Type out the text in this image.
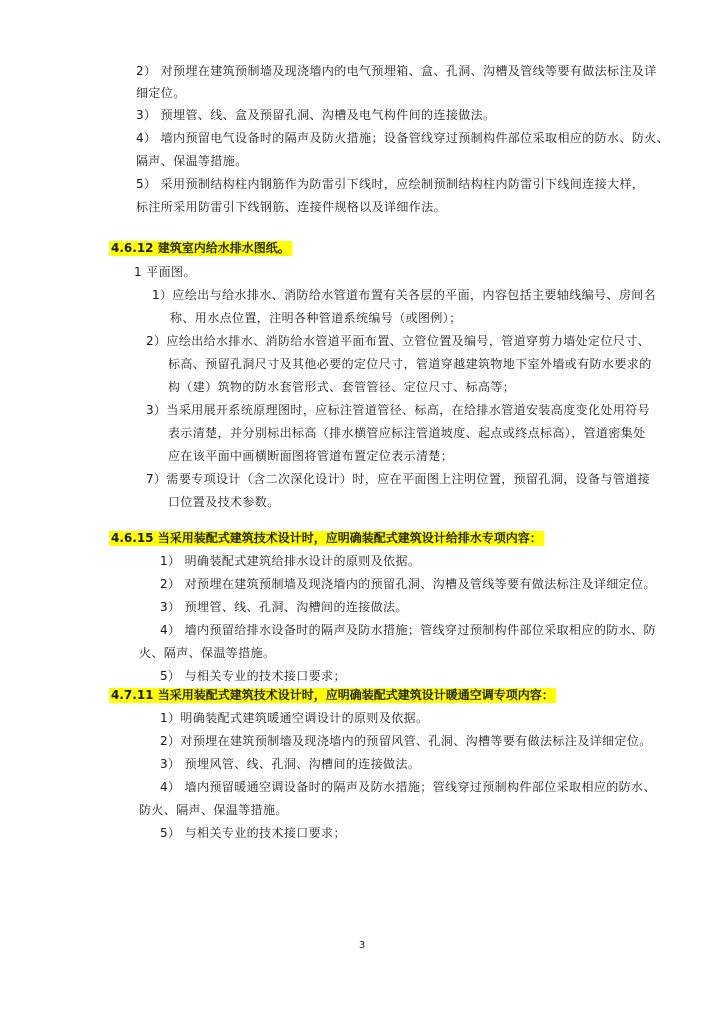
2） 对预埋在建筑预制墙及现浇墙内的电气预埋箱、盒、孔洞、沟槽及管线等要有做法标注及详
细定位。
3） 预埋管、线、盒及预留孔洞、沟槽及电气构件间的连接做法。
4） 墙内预留电气设备时的隔声及防火措施；设备管线穿过预制构件部位采取相应的防水、防火、
隔声、保温等措施。
5） 采用预制结构柱内钢筋作为防雷引下线时，应绘制预制结构柱内防雷引下线间连接大样，
标注所采用防雷引下线钢筋、连接件规格以及详细作法。
4.6.12 建筑室内给水排水图纸。
1 平面图。
1）应绘出与给水排水、消防给水管道布置有关各层的平面，内容包括主要轴线编号、房间名
称、用水点位置，注明各种管道系统编号（或图例）；
2）应绘出给水排水、消防给水管道平面布置、立管位置及编号，管道穿剪力墙处定位尺寸、
标高、预留孔洞尺寸及其他必要的定位尺寸，管道穿越建筑物地下室外墙或有防水要求的
构（建）筑物的防水套管形式、套管管径、定位尺寸、标高等；
3）当采用展开系统原理图时，应标注管道管径、标高，在给排水管道安装高度变化处用符号
表示清楚，并分别标出标高（排水横管应标注管道坡度、起点或终点标高），管道密集处
应在该平面中画横断面图将管道布置定位表示清楚；
7）需要专项设计（含二次深化设计）时，应在平面图上注明位置，预留孔洞，设备与管道接
口位置及技术参数。
4.6.15 当采用装配式建筑技术设计时，应明确装配式建筑设计给排水专项内容：
1） 明确装配式建筑给排水设计的原则及依据。
2） 对预埋在建筑预制墙及现浇墙内的预留孔洞、沟槽及管线等要有做法标注及详细定位。
3） 预埋管、线、孔洞、沟槽间的连接做法。
4） 墙内预留给排水设备时的隔声及防水措施；管线穿过预制构件部位采取相应的防水、防
火、隔声、保温等措施。
5） 与相关专业的技术接口要求；
4.7.11 当采用装配式建筑技术设计时，应明确装配式建筑设计暖通空调专项内容：
1）明确装配式建筑暖通空调设计的原则及依据。
2）对预埋在建筑预制墙及现浇墙内的预留风管、孔洞、沟槽等要有做法标注及详细定位。
3） 预埋风管、线、孔洞、沟槽间的连接做法。
4） 墙内预留暖通空调设备时的隔声及防水措施；管线穿过预制构件部位采取相应的防水、
防火、隔声、保温等措施。
5） 与相关专业的技术接口要求；
3
